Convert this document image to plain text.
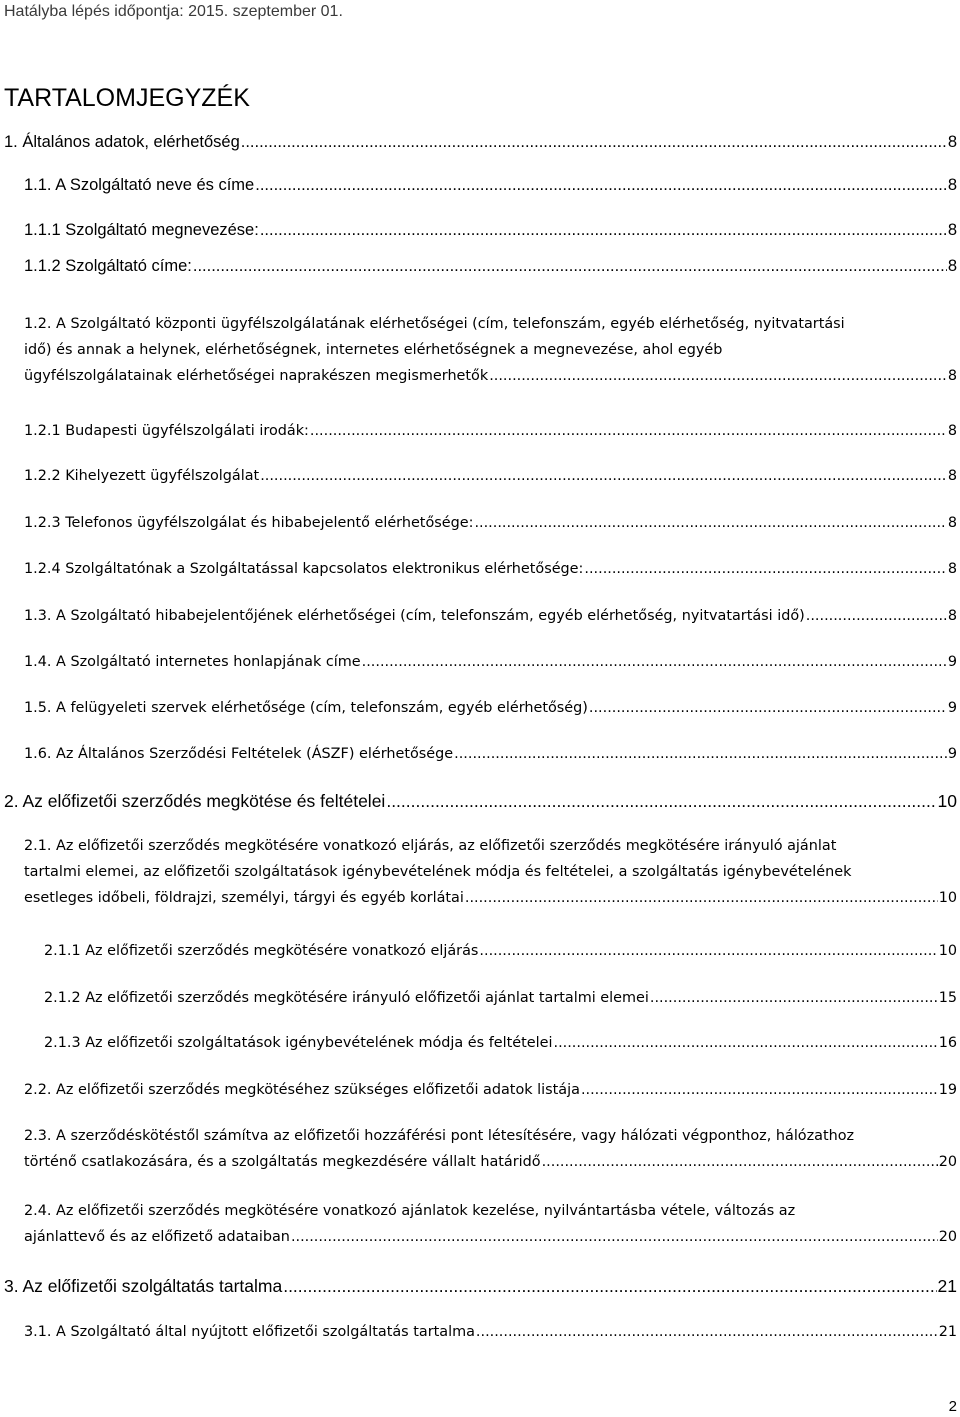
Hatályba lépés időpontja: 2015. szeptember 01.
TARTALOMJEGYZÉK
1. Általános adatok, elérhetőség .....	8
1.1. A Szolgáltató neve és címe .....	8
1.1.1 Szolgáltató megnevezése: .....	8
1.1.2 Szolgáltató címe: .....	8
1.2. A Szolgáltató központi ügyfélszolgálatának elérhetőségei (cím, telefonszám, egyéb elérhetőség, nyitvatartási
idő) és annak a helynek, elérhetőségnek, internetes elérhetőségnek a megnevezése, ahol egyéb
ügyfélszolgálatainak elérhetőségei naprakészen megismerhetők .....	8
1.2.1 Budapesti ügyfélszolgálati irodák: .....	8
1.2.2 Kihelyezett ügyfélszolgálat .....	8
1.2.3 Telefonos ügyfélszolgálat és hibabejelentő elérhetősége: .....	8
1.2.4 Szolgáltatónak a Szolgáltatással kapcsolatos elektronikus elérhetősége: .....	8
1.3. A Szolgáltató hibabejelentőjének elérhetőségei (cím, telefonszám, egyéb elérhetőség, nyitvatartási idő) .....	8
1.4. A Szolgáltató internetes honlapjának címe .....	9
1.5. A felügyeleti szervek elérhetősége (cím, telefonszám, egyéb elérhetőség) .....	9
1.6. Az Általános Szerződési Feltételek (ÁSZF) elérhetősége .....	9
2. Az előfizetői szerződés megkötése és feltételei .....	10
2.1. Az előfizetői szerződés megkötésére vonatkozó eljárás, az előfizetői szerződés megkötésére irányuló ajánlat
tartalmi elemei, az előfizetői szolgáltatások igénybevételének módja és feltételei, a szolgáltatás igénybevételének
esetleges időbeli, földrajzi, személyi, tárgyi és egyéb korlátai .....	10
2.1.1 Az előfizetői szerződés megkötésére vonatkozó eljárás .....	10
2.1.2 Az előfizetői szerződés megkötésére irányuló előfizetői ajánlat tartalmi elemei .....	15
2.1.3 Az előfizetői szolgáltatások igénybevételének módja és feltételei .....	16
2.2. Az előfizetői szerződés megkötéséhez szükséges előfizetői adatok listája .....	19
2.3. A szerződéskötéstől számítva az előfizetői hozzáférési pont létesítésére, vagy hálózati végponthoz, hálózathoz
történő csatlakozására, és a szolgáltatás megkezdésére vállalt határidő .....	20
2.4. Az előfizetői szerződés megkötésére vonatkozó ajánlatok kezelése, nyilvántartásba vétele, változás az
ajánlattevő és az előfizető adataiban .....	20
3. Az előfizetői szolgáltatás tartalma .....	21
3.1. A Szolgáltató által nyújtott előfizetői szolgáltatás tartalma .....	21
2
